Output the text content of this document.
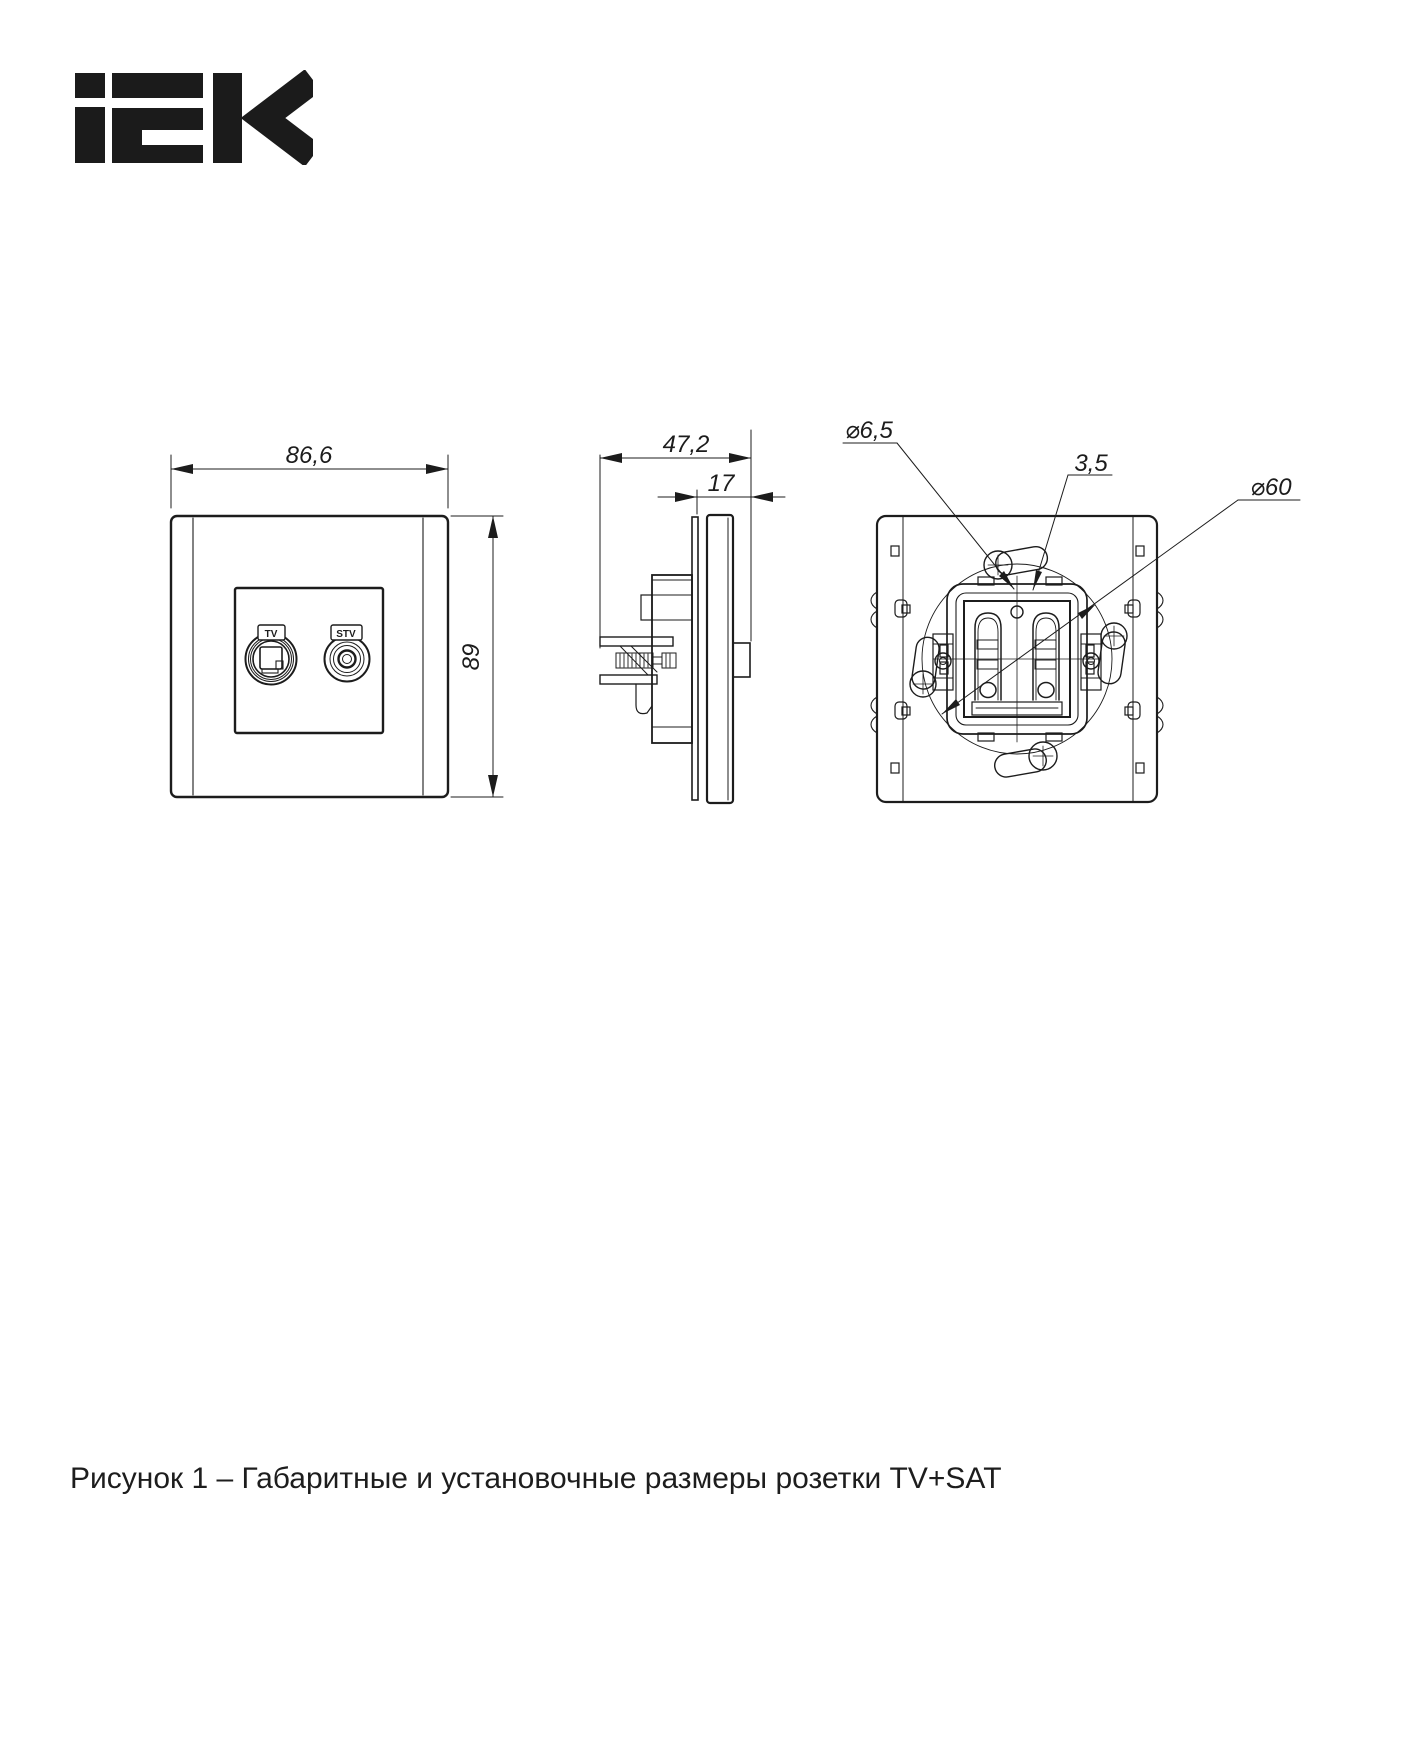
TV	STV
86,6
89
47,2
17
⌀6,5
3,5
⌀60
Рисунок 1 – Габаритные и установочные размеры розетки TV+SAT
